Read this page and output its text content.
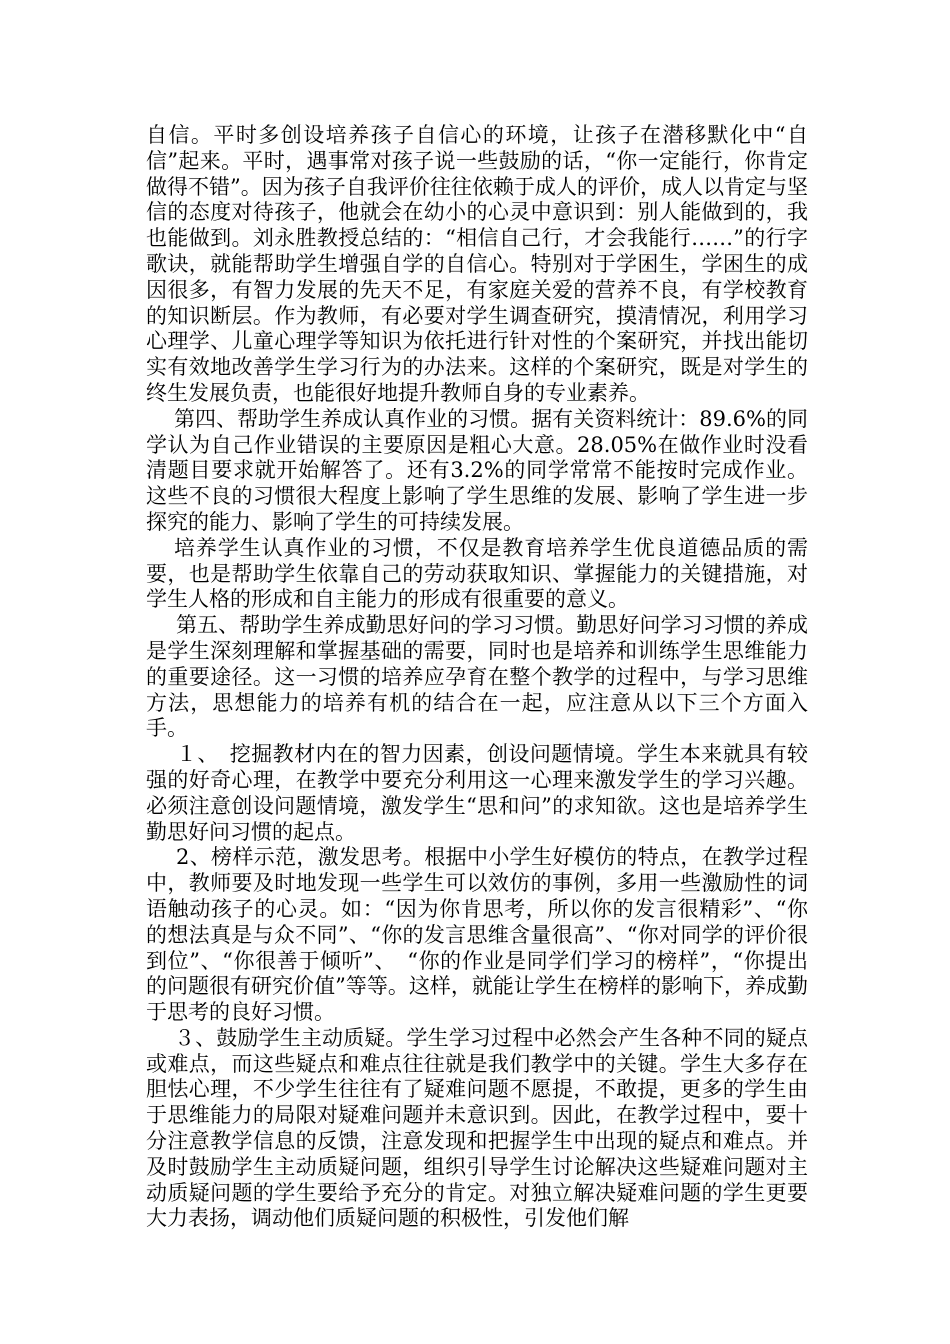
自信。平时多创设培养孩子自信心的环境，让孩子在潜移默化中“自信”起来。平时，遇事常对孩子说一些鼓励的话，“你一定能行，你肯定做得不错”。因为孩子自我评价往往依赖于成人的评价，成人以肯定与坚信的态度对待孩子，他就会在幼小的心灵中意识到：别人能做到的，我也能做到。刘永胜教授总结的：“相信自己行，才会我能行……”的行字歌诀，就能帮助学生增强自学的自信心。特别对于学困生，学困生的成因很多，有智力发展的先天不足，有家庭关爱的营养不良，有学校教育的知识断层。作为教师，有必要对学生调查研究，摸清情况，利用学习心理学、儿童心理学等知识为依托进行针对性的个案研究，并找出能切实有效地改善学生学习行为的办法来。这样的个案研究，既是对学生的终生发展负责，也能很好地提升教师自身的专业素养。

第四、帮助学生养成认真作业的习惯。据有关资料统计：89.6%的同学认为自己作业错误的主要原因是粗心大意。28.05%在做作业时没看清题目要求就开始解答了。还有3.2%的同学常常不能按时完成作业。这些不良的习惯很大程度上影响了学生思维的发展、影响了学生进一步探究的能力、影响了学生的可持续发展。

培养学生认真作业的习惯，不仅是教育培养学生优良道德品质的需要，也是帮助学生依靠自己的劳动获取知识、掌握能力的关键措施，对学生人格的形成和自主能力的形成有很重要的意义。

第五、帮助学生养成勤思好问的学习习惯。勤思好问学习习惯的养成是学生深刻理解和掌握基础的需要，同时也是培养和训练学生思维能力的重要途径。这一习惯的培养应孕育在整个教学的过程中，与学习思维方法，思想能力的培养有机的结合在一起，应注意从以下三个方面入手。

１、　挖掘教材内在的智力因素，创设问题情境。学生本来就具有较强的好奇心理，在教学中要充分利用这一心理来激发学生的学习兴趣。必须注意创设问题情境，激发学生“思和问”的求知欲。这也是培养学生勤思好问习惯的起点。

2、榜样示范，激发思考。根据中小学生好模仿的特点，在教学过程中，教师要及时地发现一些学生可以效仿的事例，多用一些激励性的词语触动孩子的心灵。如：“因为你肯思考，所以你的发言很精彩”、“你的想法真是与众不同”、“你的发言思维含量很高”、“你对同学的评价很到位”、“你很善于倾听”、　“你的作业是同学们学习的榜样”，“你提出的问题很有研究价值”等等。这样，就能让学生在榜样的影响下，养成勤于思考的良好习惯。

３、鼓励学生主动质疑。学生学习过程中必然会产生各种不同的疑点或难点，而这些疑点和难点往往就是我们教学中的关键。学生大多存在胆怯心理，不少学生往往有了疑难问题不愿提，不敢提，更多的学生由于思维能力的局限对疑难问题并未意识到。因此，在教学过程中，要十分注意教学信息的反馈，注意发现和把握学生中出现的疑点和难点。并及时鼓励学生主动质疑问题，组织引导学生讨论解决这些疑难问题对主动质疑问题的学生要给予充分的肯定。对独立解决疑难问题的学生更要大力表扬，调动他们质疑问题的积极性，引发他们解
